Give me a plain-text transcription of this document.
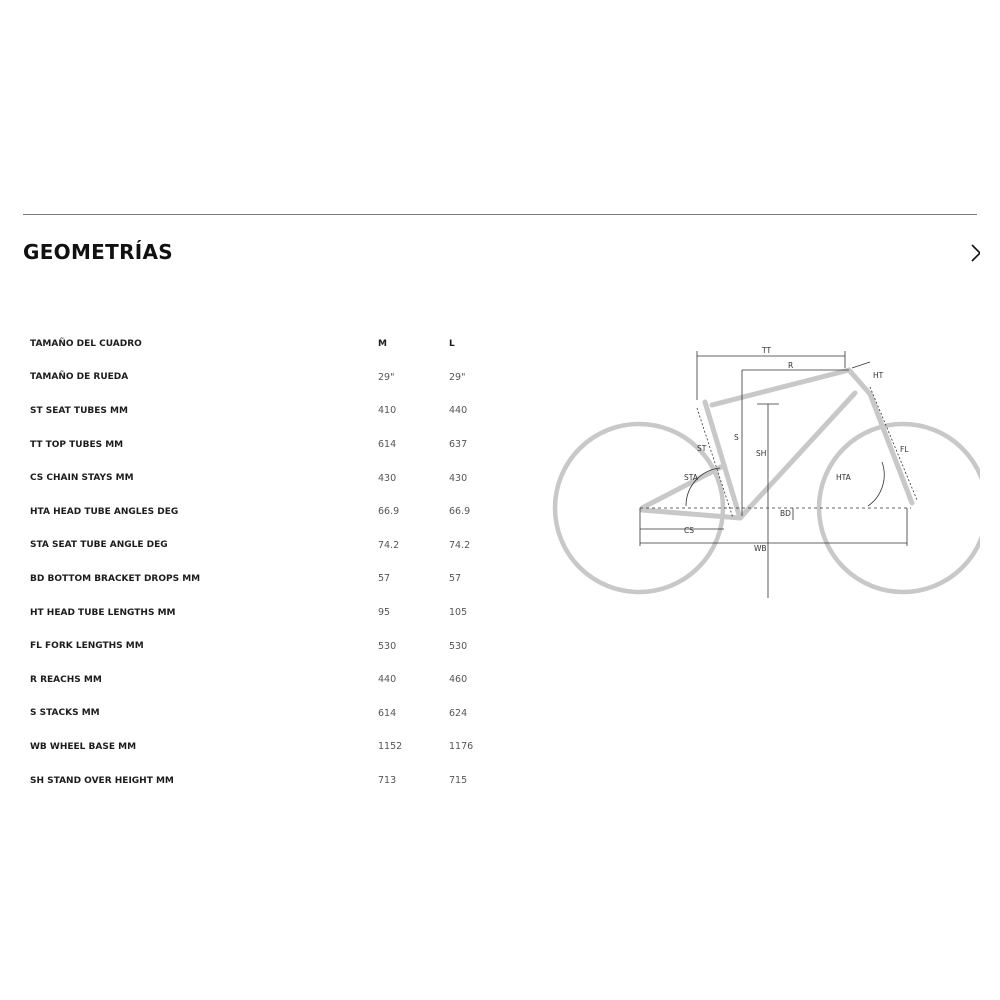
GEOMETRÍAS
TAMAÑO DEL CUADRO	M	L
TAMAÑO DE RUEDA	29"	29"
ST SEAT TUBES MM	410	440
TT TOP TUBES MM	614	637
CS CHAIN STAYS MM	430	430
HTA HEAD TUBE ANGLES DEG	66.9	66.9
STA SEAT TUBE ANGLE DEG	74.2	74.2
BD BOTTOM BRACKET DROPS MM	57	57
HT HEAD TUBE LENGTHS MM	95	105
FL FORK LENGTHS MM	530	530
R REACHS MM	440	460
S STACKS MM	614	624
WB WHEEL BASE MM	1152	1176
SH STAND OVER HEIGHT MM	713	715
TT
R
HT
ST
S
SH	FL
STA	HTA
BD
CS
WB
